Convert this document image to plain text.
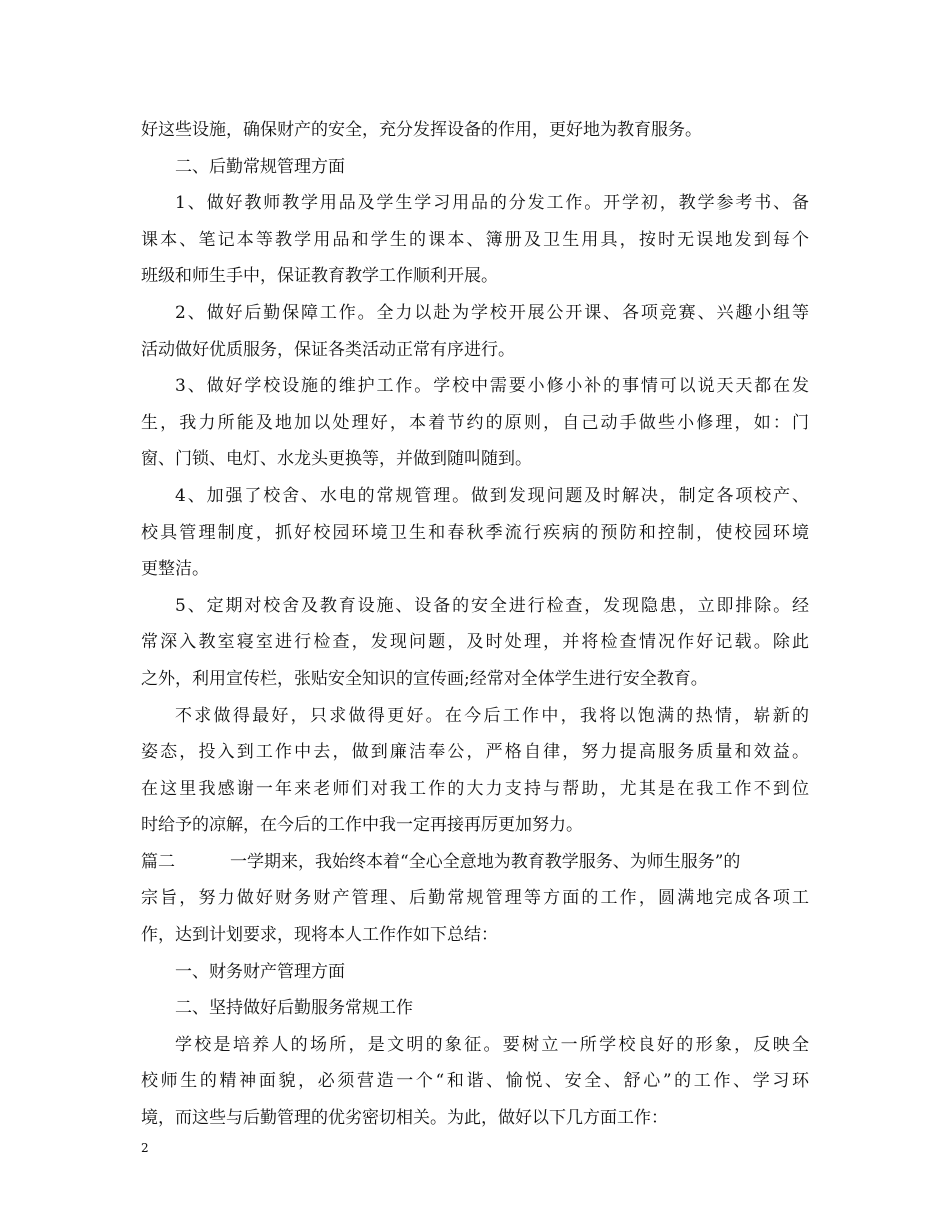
好这些设施，确保财产的安全，充分发挥设备的作用，更好地为教育服务。
二、后勤常规管理方面
1、做好教师教学用品及学生学习用品的分发工作。开学初，教学参考书、备
课本、笔记本等教学用品和学生的课本、簿册及卫生用具，按时无误地发到每个
班级和师生手中，保证教育教学工作顺利开展。
2、做好后勤保障工作。全力以赴为学校开展公开课、各项竞赛、兴趣小组等
活动做好优质服务，保证各类活动正常有序进行。
3、做好学校设施的维护工作。学校中需要小修小补的事情可以说天天都在发
生，我力所能及地加以处理好，本着节约的原则，自己动手做些小修理，如：门
窗、门锁、电灯、水龙头更换等，并做到随叫随到。
4、加强了校舍、水电的常规管理。做到发现问题及时解决，制定各项校产、
校具管理制度，抓好校园环境卫生和春秋季流行疾病的预防和控制，使校园环境
更整洁。
5、定期对校舍及教育设施、设备的安全进行检查，发现隐患，立即排除。经
常深入教室寝室进行检查，发现问题，及时处理，并将检查情况作好记载。除此
之外，利用宣传栏，张贴安全知识的宣传画;经常对全体学生进行安全教育。
不求做得最好，只求做得更好。在今后工作中，我将以饱满的热情，崭新的
姿态，投入到工作中去，做到廉洁奉公，严格自律，努力提高服务质量和效益。
在这里我感谢一年来老师们对我工作的大力支持与帮助，尤其是在我工作不到位
时给予的凉解，在今后的工作中我一定再接再厉更加努力。
篇二	一学期来，我始终本着“全心全意地为教育教学服务、为师生服务”的
宗旨，努力做好财务财产管理、后勤常规管理等方面的工作，圆满地完成各项工
作，达到计划要求，现将本人工作作如下总结：
一、财务财产管理方面
二、坚持做好后勤服务常规工作
学校是培养人的场所，是文明的象征。要树立一所学校良好的形象，反映全
校师生的精神面貌，必须营造一个“和谐、愉悦、安全、舒心”的工作、学习环
境，而这些与后勤管理的优劣密切相关。为此，做好以下几方面工作：
2
